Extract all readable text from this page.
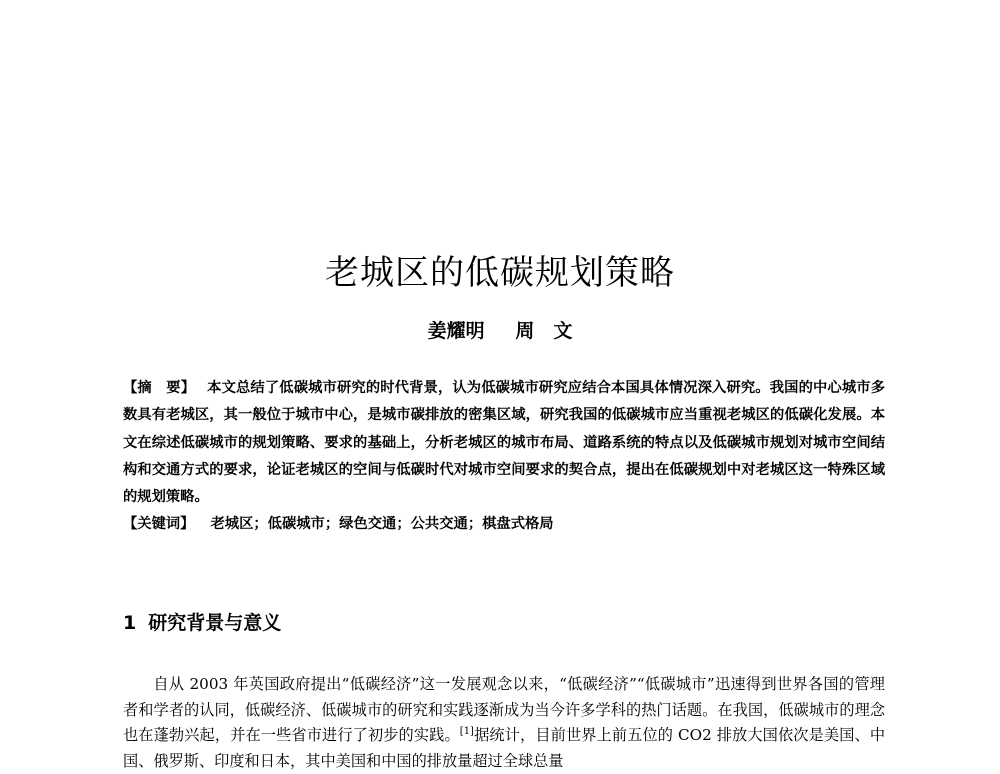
老城区的低碳规划策略
姜耀明 周　文
【摘　要】 本文总结了低碳城市研究的时代背景，认为低碳城市研究应结合本国具体情况深入研究。我国的中心城市多数具有老城区，其一般位于城市中心，是城市碳排放的密集区域，研究我国的低碳城市应当重视老城区的低碳化发展。本文在综述低碳城市的规划策略、要求的基础上，分析老城区的城市布局、道路系统的特点以及低碳城市规划对城市空间结构和交通方式的要求，论证老城区的空间与低碳时代对城市空间要求的契合点，提出在低碳规划中对老城区这一特殊区域的规划策略。
【关键词】 老城区；低碳城市；绿色交通；公共交通；棋盘式格局
1 研究背景与意义

自从 2003 年英国政府提出“低碳经济”这一发展观念以来，“低碳经济”“低碳城市”迅速得到世界各国的管理者和学者的认同，低碳经济、低碳城市的研究和实践逐渐成为当今许多学科的热门话题。在我国，低碳城市的理念也在蓬勃兴起，并在一些省市进行了初步的实践。[1]据统计，目前世界上前五位的 CO2 排放大国依次是美国、中国、俄罗斯、印度和日本，其中美国和中国的排放量超过全球总量
